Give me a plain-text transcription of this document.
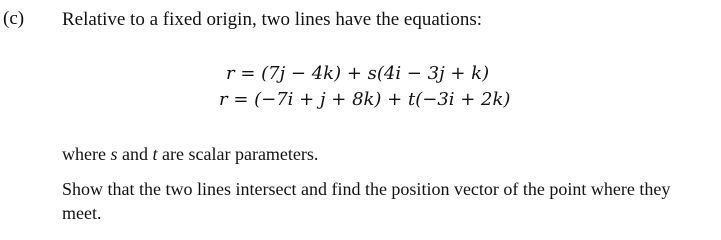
(c) Relative to a fixed origin, two lines have the equations:
r = (7j − 4k) + s(4i − 3j + k)
r = (−7i + j + 8k) + t(−3i + 2k)
where s and t are scalar parameters.
Show that the two lines intersect and find the position vector of the point where they meet.
